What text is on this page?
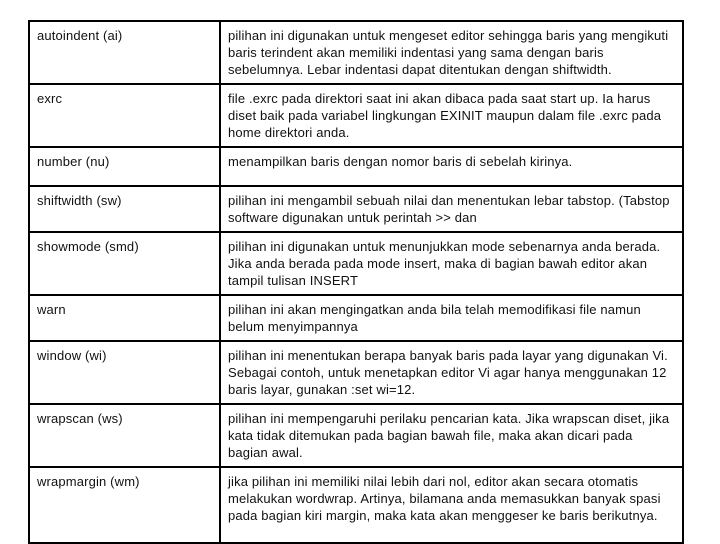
autoindent (ai)	pilihan ini digunakan untuk mengeset editor sehingga baris yang mengikuti baris terindent akan memiliki indentasi yang sama dengan baris sebelumnya. Lebar indentasi dapat ditentukan dengan shiftwidth.
exrc	file .exrc pada direktori saat ini akan dibaca pada saat start up. Ia harus diset baik pada variabel lingkungan EXINIT maupun dalam file .exrc pada home direktori anda.
number (nu)	menampilkan baris dengan nomor baris di sebelah kirinya.
shiftwidth (sw)	pilihan ini mengambil sebuah nilai dan menentukan lebar tabstop. (Tabstop software digunakan untuk perintah >> dan
showmode (smd)	pilihan ini digunakan untuk menunjukkan mode sebenarnya anda berada. Jika anda berada pada mode insert, maka di bagian bawah editor akan tampil tulisan INSERT
warn	pilihan ini akan mengingatkan anda bila telah memodifikasi file namun belum menyimpannya
window (wi)	pilihan ini menentukan berapa banyak baris pada layar yang digunakan Vi. Sebagai contoh, untuk menetapkan editor Vi agar hanya menggunakan 12 baris layar, gunakan :set wi=12.
wrapscan (ws)	pilihan ini mempengaruhi perilaku pencarian kata. Jika wrapscan diset, jika kata tidak ditemukan pada bagian bawah file, maka akan dicari pada bagian awal.
wrapmargin (wm)	jika pilihan ini memiliki nilai lebih dari nol, editor akan secara otomatis melakukan wordwrap. Artinya, bilamana anda memasukkan banyak spasi pada bagian kiri margin, maka kata akan menggeser ke baris berikutnya.
